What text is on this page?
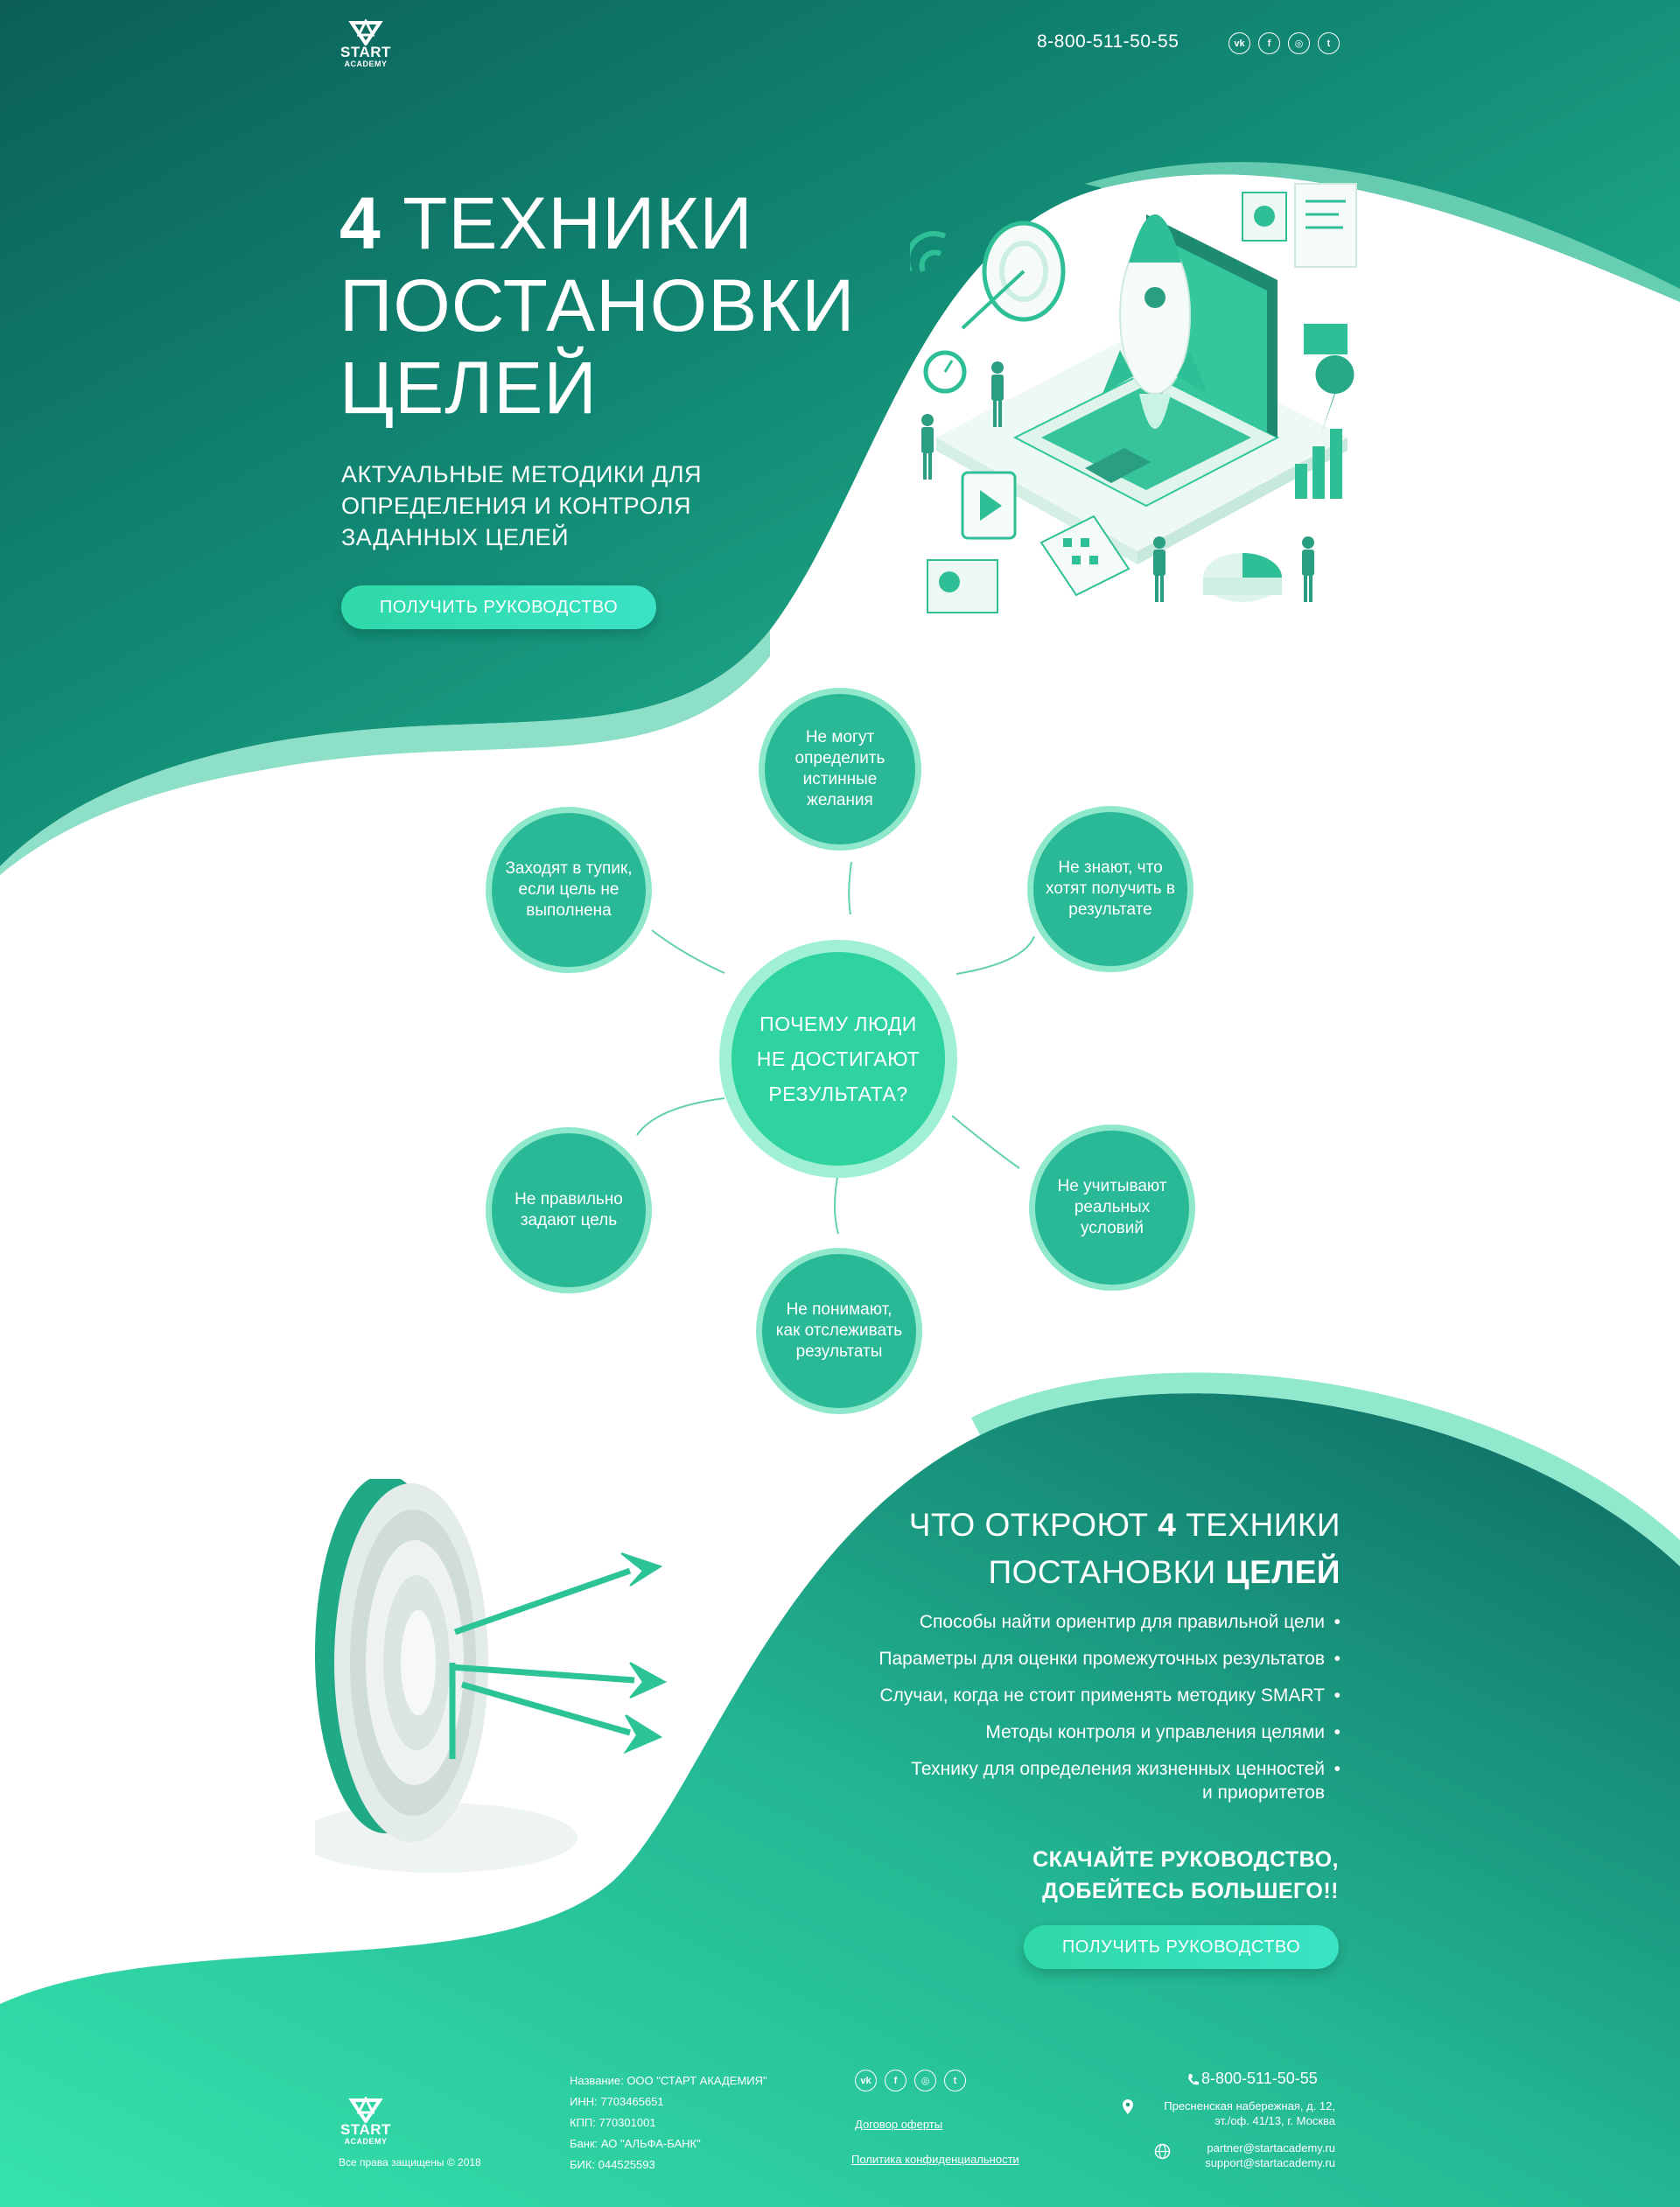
START
ACADEMY
8-800-511-50-55	vk	f	◎	t
4 ТЕХНИКИ
ПОСТАНОВКИ
ЦЕЛЕЙ
АКТУАЛЬНЫЕ МЕТОДИКИ ДЛЯ ОПРЕДЕЛЕНИЯ И КОНТРОЛЯ ЗАДАННЫХ ЦЕЛЕЙ
ПОЛУЧИТЬ РУКОВОДСТВО
ПОЧЕМУ ЛЮДИ
НЕ ДОСТИГАЮТ
РЕЗУЛЬТАТА?
Не могут определить истинные желания
Не знают, что хотят получить в результате
Не учитывают реальных условий
Не понимают, как отслеживать результаты
Не правильно задают цель
Заходят в тупик, если цель не выполнена
ЧТО ОТКРОЮТ 4 ТЕХНИКИ
ПОСТАНОВКИ ЦЕЛЕЙ
Способы найти ориентир для правильной цели •
Параметры для оценки промежуточных результатов •
Случаи, когда не стоит применять методику SMART •
Методы контроля и управления целями •
Технику для определения жизненных ценностей •
и приоритетов
СКАЧАЙТЕ РУКОВОДСТВО,
ДОБЕЙТЕСЬ БОЛЬШЕГО!!
ПОЛУЧИТЬ РУКОВОДСТВО
START
ACADEMY
Все права защищены © 2018
Название: ООО "СТАРТ АКАДЕМИЯ"
ИНН: 7703465651
КПП: 770301001
Банк: АО "АЛЬФА-БАНК"
БИК: 044525593
vk	f	◎	t
Договор оферты
Политика конфиденциальности
8-800-511-50-55
Пресненская набережная, д. 12,
эт./оф. 41/13, г. Москва
partner@startacademy.ru
support@startacademy.ru
